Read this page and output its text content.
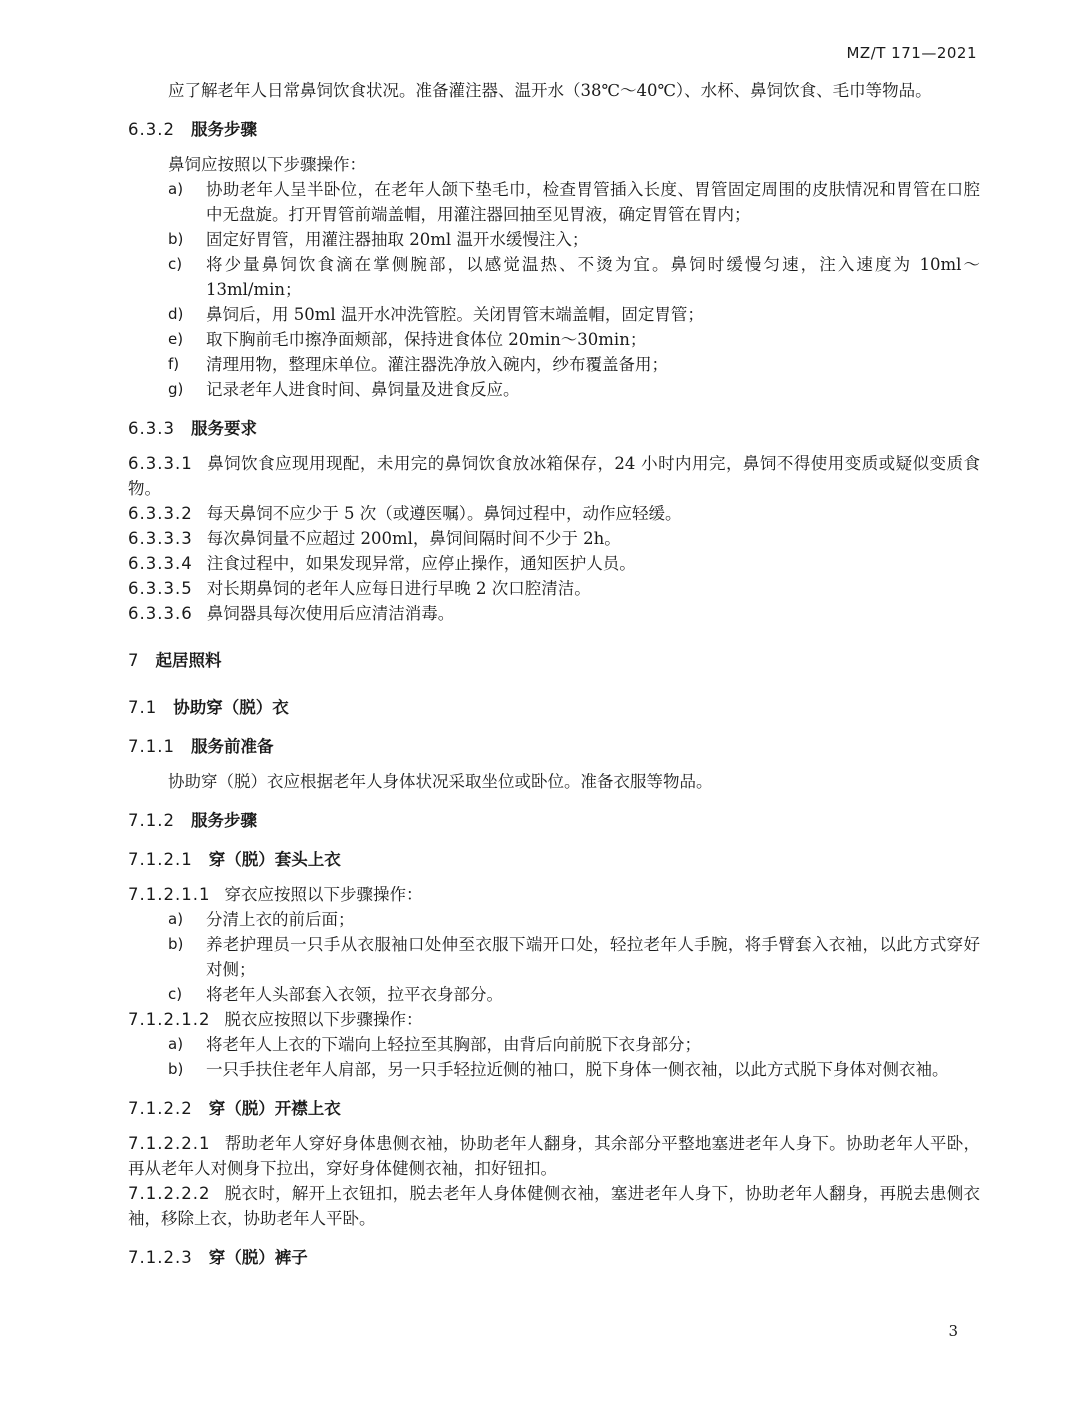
MZ/T 171—2021

应了解老年人日常鼻饲饮食状况。准备灌注器、温开水（38℃～40℃）、水杯、鼻饲饮食、毛巾等物品。

6.3.2 服务步骤

鼻饲应按照以下步骤操作：

a) 协助老年人呈半卧位，在老年人颌下垫毛巾，检查胃管插入长度、胃管固定周围的皮肤情况和胃管在口腔中无盘旋。打开胃管前端盖帽，用灌注器回抽至见胃液，确定胃管在胃内；
b) 固定好胃管，用灌注器抽取 20ml 温开水缓慢注入；
c) 将少量鼻饲饮食滴在掌侧腕部，以感觉温热、不烫为宜。鼻饲时缓慢匀速，注入速度为 10ml～13ml/min；
d) 鼻饲后，用 50ml 温开水冲洗管腔。关闭胃管末端盖帽，固定胃管；
e) 取下胸前毛巾擦净面颊部，保持进食体位 20min～30min；
f) 清理用物，整理床单位。灌注器洗净放入碗内，纱布覆盖备用；
g) 记录老年人进食时间、鼻饲量及进食反应。
6.3.3 服务要求

6.3.3.1 鼻饲饮食应现用现配，未用完的鼻饲饮食放冰箱保存，24 小时内用完，鼻饲不得使用变质或疑似变质食物。

6.3.3.2 每天鼻饲不应少于 5 次（或遵医嘱）。鼻饲过程中，动作应轻缓。

6.3.3.3 每次鼻饲量不应超过 200ml，鼻饲间隔时间不少于 2h。

6.3.3.4 注食过程中，如果发现异常，应停止操作，通知医护人员。

6.3.3.5 对长期鼻饲的老年人应每日进行早晚 2 次口腔清洁。

6.3.3.6 鼻饲器具每次使用后应清洁消毒。

7 起居照料
7.1 协助穿（脱）衣
7.1.1 服务前准备

协助穿（脱）衣应根据老年人身体状况采取坐位或卧位。准备衣服等物品。

7.1.2 服务步骤
7.1.2.1 穿（脱）套头上衣

7.1.2.1.1 穿衣应按照以下步骤操作：

a) 分清上衣的前后面；
b) 养老护理员一只手从衣服袖口处伸至衣服下端开口处，轻拉老年人手腕，将手臂套入衣袖，以此方式穿好对侧；
c) 将老年人头部套入衣领，拉平衣身部分。

7.1.2.1.2 脱衣应按照以下步骤操作：

a) 将老年人上衣的下端向上轻拉至其胸部，由背后向前脱下衣身部分；
b) 一只手扶住老年人肩部，另一只手轻拉近侧的袖口，脱下身体一侧衣袖，以此方式脱下身体对侧衣袖。
7.1.2.2 穿（脱）开襟上衣

7.1.2.2.1 帮助老年人穿好身体患侧衣袖，协助老年人翻身，其余部分平整地塞进老年人身下。协助老年人平卧，再从老年人对侧身下拉出，穿好身体健侧衣袖，扣好钮扣。

7.1.2.2.2 脱衣时，解开上衣钮扣，脱去老年人身体健侧衣袖，塞进老年人身下，协助老年人翻身，再脱去患侧衣袖，移除上衣，协助老年人平卧。

7.1.2.3 穿（脱）裤子
3
